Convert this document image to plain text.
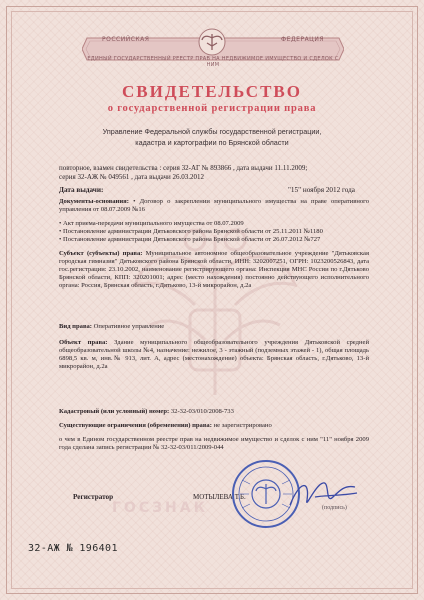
РОССИЙСКАЯ	ФЕДЕРАЦИЯ
ЕДИНЫЙ ГОСУДАРСТВЕННЫЙ РЕЕСТР ПРАВ НА НЕДВИЖИМОЕ ИМУЩЕСТВО И СДЕЛОК С НИМ
СВИДЕТЕЛЬСТВО
о государственной регистрации права
Управление Федеральной службы государственной регистрации,
кадастра и картографии по Брянской области
повторное, взамен свидетельства : серия 32-АГ № 893866 , дата выдачи 11.11.2009;
серия 32-АЖ № 049561 , дата выдачи 26.03.2012
Дата выдачи:	"15" ноября 2012 года
Документы-основания: • Договор о закреплении муниципального имущества на праве оперативного управления от 08.07.2009 №16
• Акт приема-передачи муниципального имущества от 08.07.2009
• Постановление администрации Дятьковского района Брянской области от 25.11.2011 №1180
• Постановление администрации Дятьковского района Брянской области от 26.07.2012 №727
Субъект (субъекты) права: Муниципальное автономное общеобразовательное учреждение "Дятьковская городская гимназия" Дятьковского района Брянской области, ИНН: 3202007251, ОГРН: 1023200526843, дата гос.регистрации: 23.10.2002, наименование регистрирующего органа: Инспекция МНС России по г.Дятьково Брянской области, КПП: 320201001; адрес (место нахождения) постоянно действующего исполнительного органа: Россия, Брянская область, г.Дятьково, 13-й микрорайон, д.2а
Вид права: Оперативное управление
Объект права: Здание муниципального общеобразовательного учреждения Дятьковской средней общеобразовательной школы №4, назначение: нежилое, 3 - этажный (подземных этажей - 1), общая площадь 6898,5 кв. м, инв.№ 913, лит. А, адрес (местонахождение) объекта: Брянская область, г.Дятьково, 13-й микрорайон, д.2а
Кадастровый (или условный) номер: 32-32-03/010/2008-733
Существующие ограничения (обременения) права: не зарегистрировано
о чем в Едином государственном реестре прав на недвижимое имущество и сделок с ним "11" ноября 2009 года сделана запись регистрации № 32-32-03/011/2009-044
ГОСЗНАК
Регистратор	МОТЫЛЕВА Т.Б.
(подпись)
32-АЖ № 196401
